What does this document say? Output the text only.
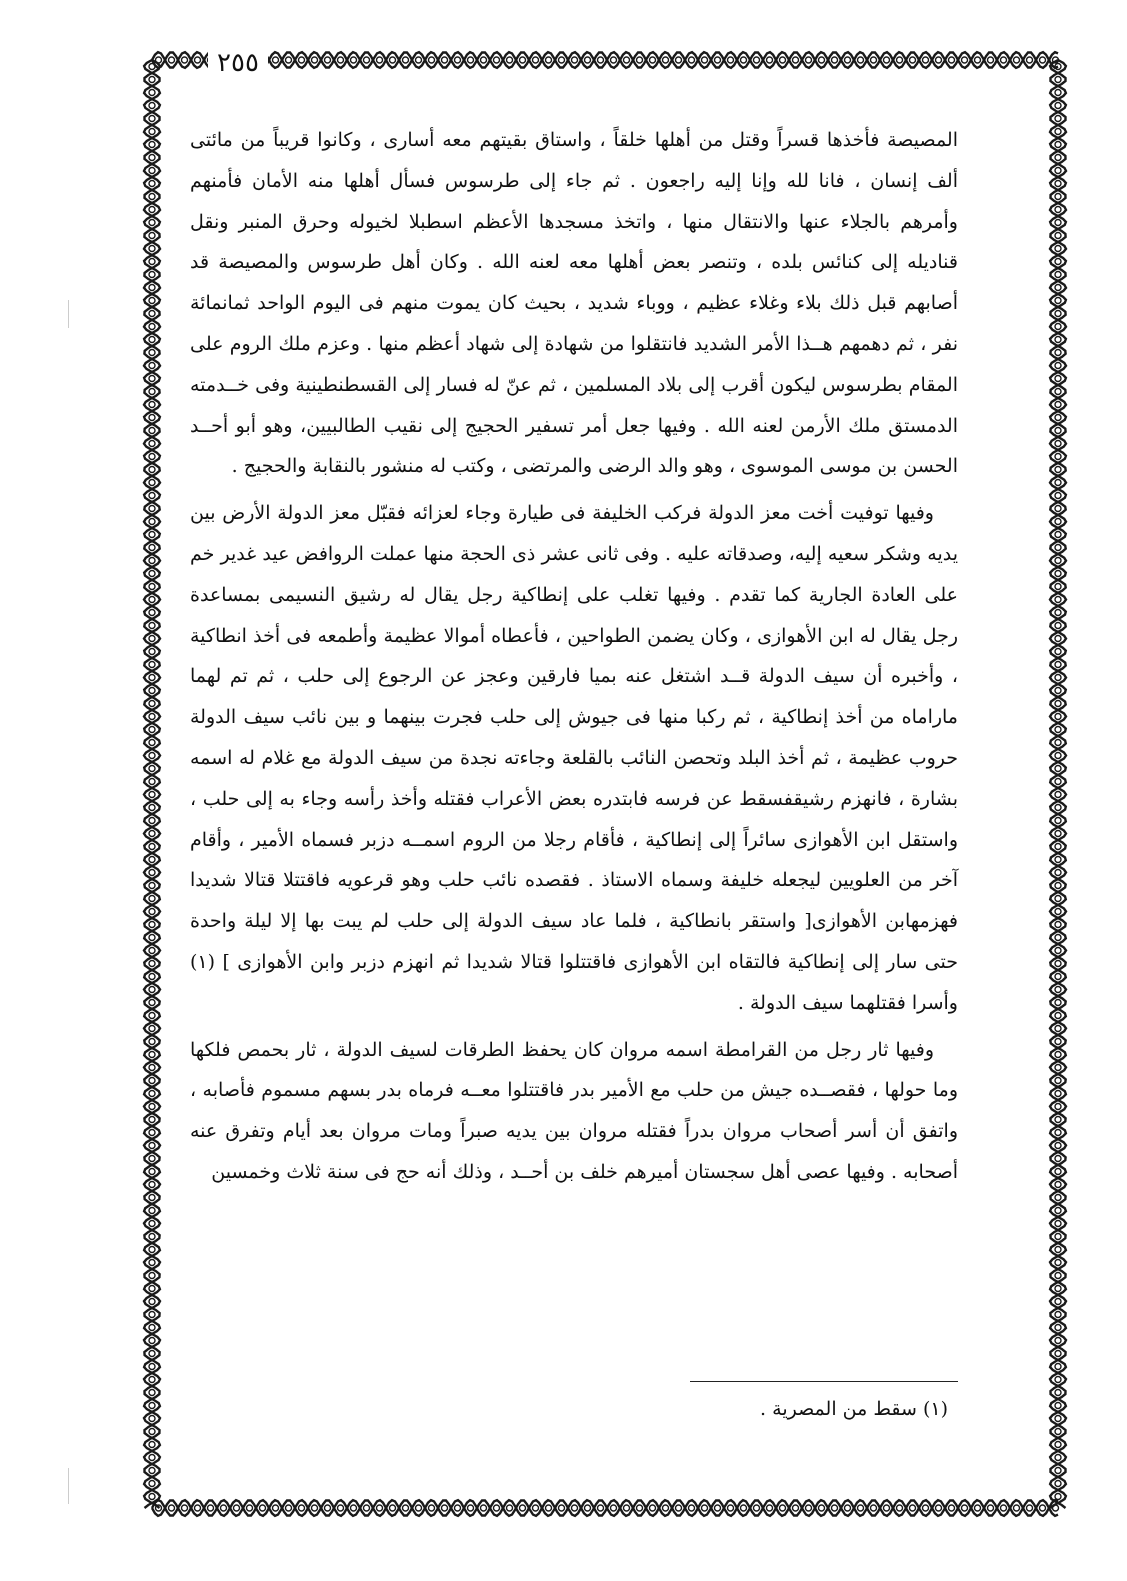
٢٥٥

المصيصة فأخذها قسراً وقتل من أهلها خلقاً ، واستاق بقيتهم معه أسارى ، وكانوا قريباً من مائتى ألف إنسان ، فانا لله وإنا إليه راجعون . ثم جاء إلى طرسوس فسأل أهلها منه الأمان فأمنهم وأمرهم بالجلاء عنها والانتقال منها ، واتخذ مسجدها الأعظم اسطبلا لخيوله وحرق المنبر ونقل قناديله إلى كنائس بلده ، وتنصر بعض أهلها معه لعنه الله . وكان أهل طرسوس والمصيصة قد أصابهم قبل ذلك بلاء وغلاء عظيم ، ووباء شديد ، بحيث كان يموت منهم فى اليوم الواحد ثمانمائة نفر ، ثم دهمهم هــذا الأمر الشديد فانتقلوا من شهادة إلى شهاد أعظم منها . وعزم ملك الروم على المقام بطرسوس ليكون أقرب إلى بلاد المسلمين ، ثم عنّ له فسار إلى القسطنطينية وفى خــدمته الدمستق ملك الأرمن لعنه الله . وفيها جعل أمر تسفير الحجيج إلى نقيب الطالبيين، وهو أبو أحــد الحسن بن موسى الموسوى ، وهو والد الرضى والمرتضى ، وكتب له منشور بالنقابة والحجيج .

وفيها توفيت أخت معز الدولة فركب الخليفة فى طيارة وجاء لعزائه فقبّل معز الدولة الأرض بين يديه وشكر سعيه إليه، وصدقاته عليه . وفى ثانى عشر ذى الحجة منها عملت الروافض عيد غدير خم على العادة الجارية كما تقدم . وفيها تغلب على إنطاكية رجل يقال له رشيق النسيمى بمساعدة رجل يقال له ابن الأهوازى ، وكان يضمن الطواحين ، فأعطاه أموالا عظيمة وأطمعه فى أخذ انطاكية ، وأخبره أن سيف الدولة قــد اشتغل عنه بميا فارقين وعجز عن الرجوع إلى حلب ، ثم تم لهما ماراماه من أخذ إنطاكية ، ثم ركبا منها فى جيوش إلى حلب فجرت بينهما و بين نائب سيف الدولة حروب عظيمة ، ثم أخذ البلد وتحصن النائب بالقلعة وجاءته نجدة من سيف الدولة مع غلام له اسمه بشارة ، فانهزم رشيقفسقط عن فرسه فابتدره بعض الأعراب فقتله وأخذ رأسه وجاء به إلى حلب ، واستقل ابن الأهوازى سائراً إلى إنطاكية ، فأقام رجلا من الروم اسمــه دزبر فسماه الأمير ، وأقام آخر من العلويين ليجعله خليفة وسماه الاستاذ . فقصده نائب حلب وهو قرعويه فاقتتلا قتالا شديدا فهزمهابن الأهوازى[ واستقر بانطاكية ، فلما عاد سيف الدولة إلى حلب لم يبت بها إلا ليلة واحدة حتى سار إلى إنطاكية فالتقاه ابن الأهوازى فاقتتلوا قتالا شديدا ثم انهزم دزبر وابن الأهوازى ] (١) وأسرا فقتلهما سيف الدولة .

وفيها ثار رجل من القرامطة اسمه مروان كان يحفظ الطرقات لسيف الدولة ، ثار بحمص فلكها وما حولها ، فقصــده جيش من حلب مع الأمير بدر فاقتتلوا معــه فرماه بدر بسهم مسموم فأصابه ، واتفق أن أسر أصحاب مروان بدراً فقتله مروان بين يديه صبراً ومات مروان بعد أيام وتفرق عنه أصحابه . وفيها عصى أهل سجستان أميرهم خلف بن أحــد ، وذلك أنه حج فى سنة ثلاث وخمسين

(١) سقط من المصرية .
